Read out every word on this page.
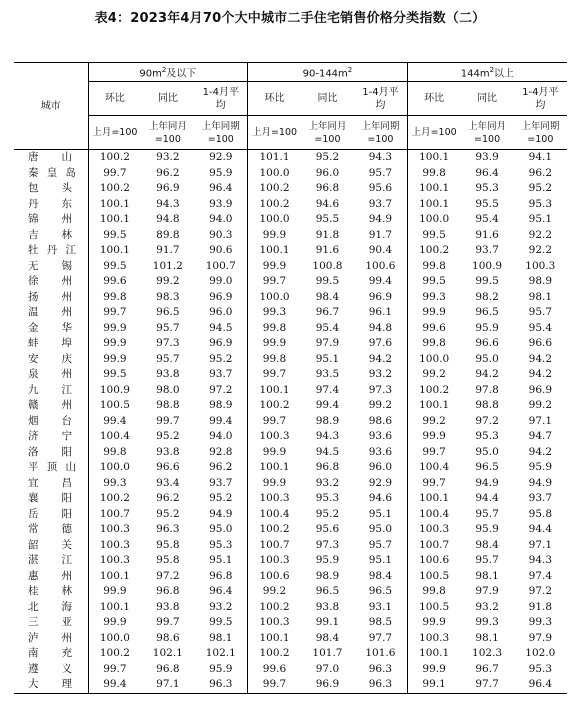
表4：2023年4月70个大中城市二手住宅销售价格分类指数（二）
城市	$90m^2$及以下			$90-144m^2$			$144m^2$以上		
	环比	同比	1-4月平均	环比	同比	1-4月平均	环比	同比	1-4月平均
	上月=100	上年同月=100	上年同期=100	上月=100	上年同月=100	上年同期=100	上月=100	上年同月=100	上年同期=100
唐山	100.2	93.2	92.9	101.1	95.2	94.3	100.1	93.9	94.1
秦皇岛	99.7	96.2	95.9	100.0	96.0	95.7	99.8	96.4	96.2
包头	100.2	96.9	96.4	100.2	96.8	95.6	100.1	95.3	95.2
丹东	100.1	94.3	93.9	100.2	94.6	93.7	100.1	95.5	95.3
锦州	100.1	94.8	94.0	100.0	95.5	94.9	100.0	95.4	95.1
吉林	99.5	89.8	90.3	99.9	91.8	91.7	99.5	91.6	92.2
牡丹江	100.1	91.7	90.6	100.1	91.6	90.4	100.2	93.7	92.2
无锡	99.5	101.2	100.7	99.9	100.8	100.6	99.8	100.9	100.3
徐州	99.6	99.2	99.0	99.7	99.5	99.4	99.5	99.5	98.9
扬州	99.8	98.3	96.9	100.0	98.4	96.9	99.3	98.2	98.1
温州	99.7	96.5	96.0	99.3	96.7	96.1	99.9	96.5	95.7
金华	99.9	95.7	94.5	99.8	95.4	94.8	99.6	95.9	95.4
蚌埠	99.9	97.3	96.9	99.9	97.9	97.6	99.8	96.6	96.6
安庆	99.9	95.7	95.2	99.8	95.1	94.2	100.0	95.0	94.2
泉州	99.5	93.8	93.7	99.7	93.5	93.2	99.2	94.2	94.2
九江	100.9	98.0	97.2	100.1	97.4	97.3	100.2	97.8	96.9
赣州	100.5	98.8	98.9	100.2	99.4	99.2	100.1	98.8	99.2
烟台	99.4	99.7	99.4	99.7	98.9	98.6	99.2	97.2	97.1
济宁	100.4	95.2	94.0	100.3	94.3	93.6	99.9	95.3	94.7
洛阳	99.8	93.8	92.8	99.9	94.5	93.6	99.7	95.0	94.2
平顶山	100.0	96.6	96.2	100.1	96.8	96.0	100.4	96.5	95.9
宜昌	99.3	93.4	93.7	99.9	93.2	92.9	99.7	94.9	94.9
襄阳	100.2	96.2	95.2	100.3	95.3	94.6	100.1	94.4	93.7
岳阳	100.7	95.2	94.9	100.4	95.2	95.1	100.4	95.7	95.8
常德	100.3	96.3	95.0	100.2	95.6	95.0	100.3	95.9	94.4
韶关	100.3	95.8	95.3	100.7	97.3	95.7	100.7	98.4	97.1
湛江	100.3	95.8	95.1	100.3	95.9	95.1	100.6	95.7	94.3
惠州	100.1	97.2	96.8	100.6	98.9	98.4	100.5	98.1	97.4
桂林	99.9	96.8	96.4	99.2	96.5	96.5	99.8	97.9	97.2
北海	100.1	93.8	93.2	100.2	93.8	93.1	100.5	93.2	91.8
三亚	99.9	99.7	99.5	100.3	99.1	98.5	99.9	99.3	99.3
泸州	100.0	98.6	98.1	100.1	98.4	97.7	100.3	98.1	97.9
南充	100.2	102.1	102.1	100.2	101.7	101.6	100.1	102.3	102.0
遵义	99.7	96.8	95.9	99.6	97.0	96.3	99.9	96.7	95.3
大理	99.4	97.1	96.3	99.7	96.9	96.3	99.1	97.7	96.4
